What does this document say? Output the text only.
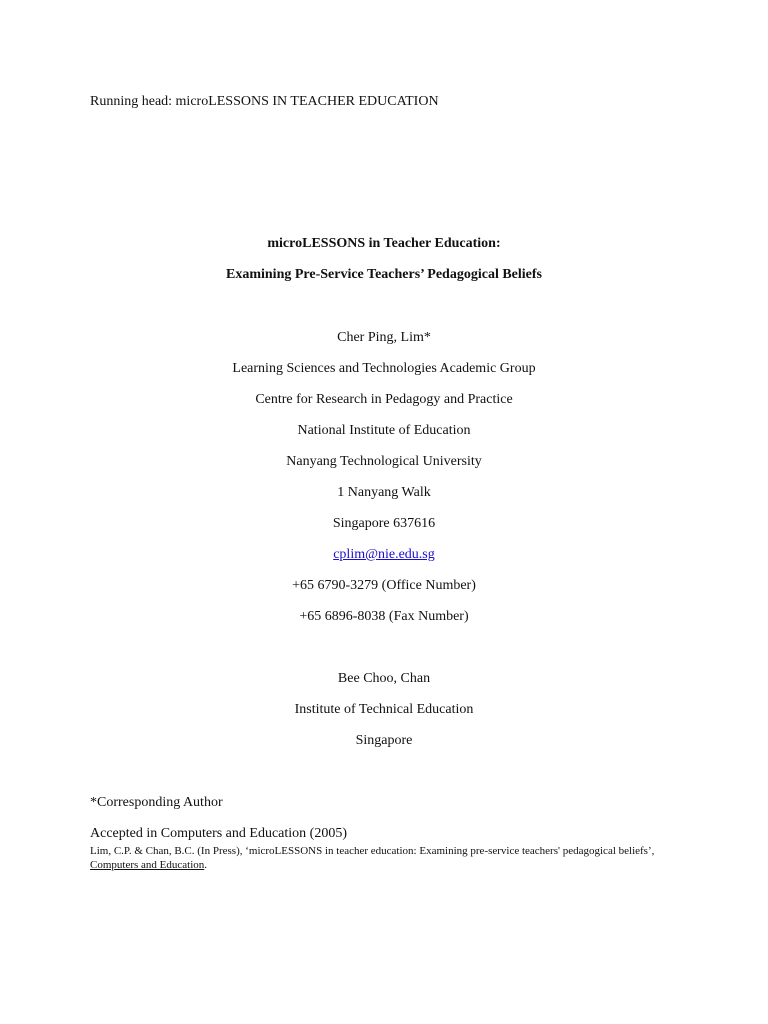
Running head: microLESSONS IN TEACHER EDUCATION
microLESSONS in Teacher Education:
Examining Pre-Service Teachers’ Pedagogical Beliefs
Cher Ping, Lim*
Learning Sciences and Technologies Academic Group
Centre for Research in Pedagogy and Practice
National Institute of Education
Nanyang Technological University
1 Nanyang Walk
Singapore 637616
cplim@nie.edu.sg
+65 6790-3279 (Office Number)
+65 6896-8038 (Fax Number)
Bee Choo, Chan
Institute of Technical Education
Singapore
*Corresponding Author
Accepted in Computers and Education (2005)
Lim, C.P. & Chan, B.C. (In Press), ‘microLESSONS in teacher education: Examining pre-service teachers' pedagogical beliefs’, Computers and Education.
